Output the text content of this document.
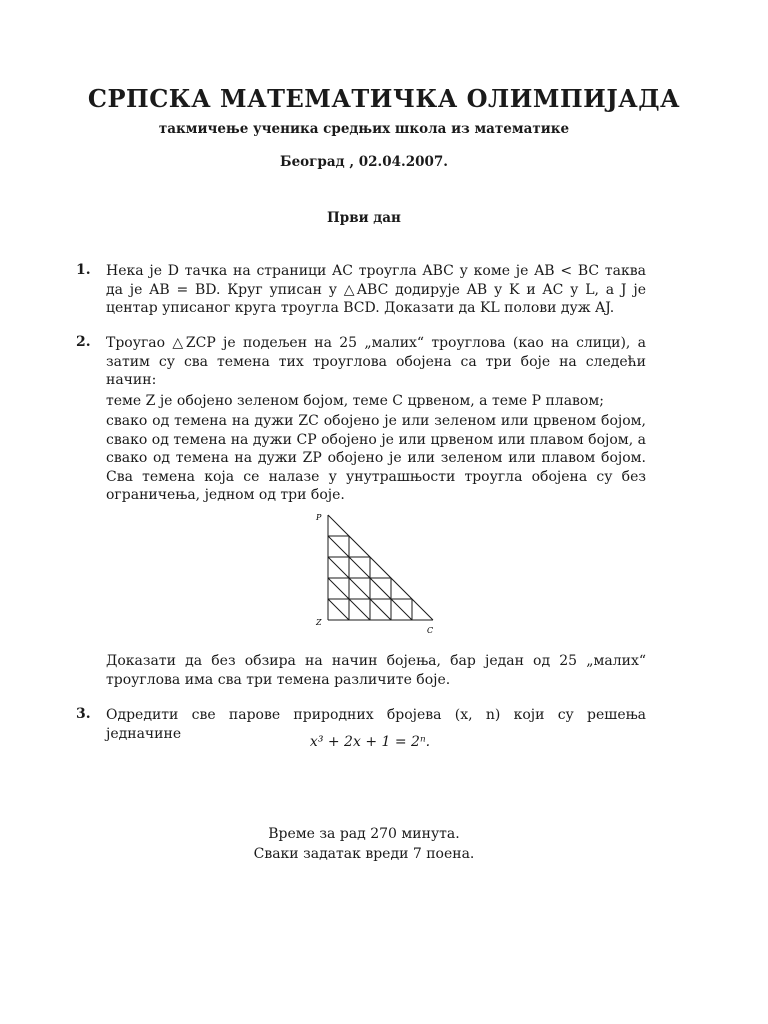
СРПСКА МАТЕМАТИЧКА ОЛИМПИЈАДА
такмичење ученика средњих школа из математике
Београд , 02.04.2007.
Први дан
1. Нека је D тачка на страници AC троугла ABC у коме је AB < BC таква да је AB = BD. Круг уписан у △ABC додирује AB у K и AC у L, а J је центар уписаног круга троугла BCD. Доказати да KL полови дуж AJ.

2. Троугао △ZCP је подељен на 25 „малих“ троуглова (као на слици), а затим су сва темена тих троуглова обојена са три боје на следећи начин:

теме Z је обојено зеленом бојом, теме C црвеном, а теме P плавом;

свако од темена на дужи ZC обојено је или зеленом или црвеном бојом, свако од темена на дужи CP обојено је или црвеном или плавом бојом, а свако од темена на дужи ZP обојено је или зеленом или плавом бојом. Сва темена која се налазе у унутрашњости троугла обојена су без ограничења, једном од три боје.

P
Z
C

Доказати да без обзира на начин бојења, бар један од 25 „малих“ троуглова има сва три темена различите боје.

3. Одредити све парове природних бројева (x, n) који су решења једначине

x³ + 2x + 1 = 2ⁿ.
Време за рад 270 минута.
Сваки задатак вреди 7 поена.
